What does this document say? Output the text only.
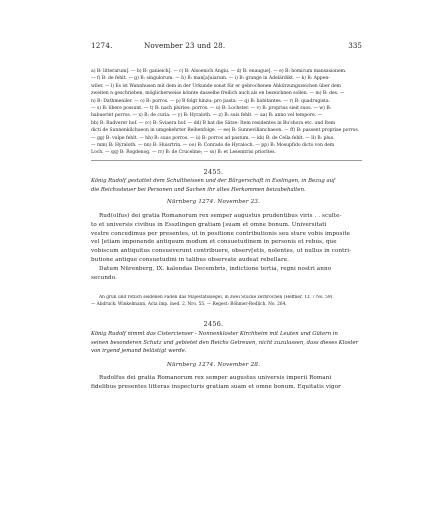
1274.	November 23 und 28.	335
a) B: litterarum]. — b) B: ganieich]. — c) B: Alsoenich Angiu. — d) B: enaugue]. — e) B: homicum mansasionem.
— f) B: de fehlt. — g) B: singulorum. — h) B: man[a]uiarum. — i) B: grange in Adelärdikt. — k) B: Appen-
wiler. — l) Es ist Wannhusen mit dem in der Urkunde sonst für er gebrochenen Abkürzungszeichen über dem
zweiten n geschrieben, möglicherweise könnte dasselbe freilich auch als en bezeichnen sollen. — m) B: des. —
n) B: Dathmeniler. — o) B: porros. — p) B folgt hinzu: pro pasta. — q) B: habitantes. — r) B: quadrugista.
— s) B: libere possunt. — t) B: nach pluries: porros. — u) B: Lochster. — v) B: proprius sieit suos. — w) B:
habuerint porros. — x) B: de curia. — y) B: Hyraloth. — z) B: suis fehlt. — aa) B: anno vel tempore. —
bb) B: Radverer hof. — cc) B: Sviaera hof. — dd) B hat die Sätze: Item residentes in Bu'shora etc. und Item
dicti de Sunnenkilchaeon in umgekehrter Reihenfolge. — ee) B: Sunnevillanchaeon. — ff) B: passent propriae porros.
— gg) B: vulpe fehlt. — hh) B: suus porros. — ii) B: porros ad pastum. — kk) B: de Cella fehlt. — ll) B: plus.
— mm) B: Hyraloth. — nn) B: Huisrtrin. — oo) B: Conrado de Hyraloch. — pp) B: Mosupfido dicto von dem
Loch. — qq) B: Rogdenog. — rr) B: de Cruceline; — ss) B: et Lesemtrisi priorites.
2455.
König Rudolf gestattet dem Schultheissen und der Bürgerschaft in Esslingen, in Bezug auf
die Reichssteuer bei Personen und Sachen ihr altes Herkommen beizubehalten.
Nürnberg 1274. November 23.
Rud(olfus) dei gratia Romanorum rex semper augustus prudentibus viris . . sculte-
to et universis civibus in Esszlingen gratiam [suam et omne bonum. Universitati
vestre concedimus per presentes, ut in positione contributionis seu sture vobis imposite
vel [etiam imponende antiquum modum et consuetudinem in personis et rebus, que
vobiscum antiquitus consueverunt contribuere, observ[etis, nolentes, ut nullus in contri-
butione antique consuetudini in talibus observate audeat rebellare.
Datum Nürenberg, IX. kalendas Decembris, indictione tertia, regni nostri anno
secundo.
An grün und rötlich seidenen Fäden das Majestätssiegel, in zwei Stücke zerbrochen (Heffner, T.f. 7 No. 59).
— Abdruck: Winkelmann, Acta imp. ined. 2, Nro. 55. — Regest: Böhmer-Redlich, No. 264.
2456.
König Rudolf nimmt das Cistercienser - Nonnenkloster Kirchheim mit Leuten und Gütern in
seinen besonderen Schutz und gebietet den Reichs Getreuen, nicht zuzulassen, dass dieses Kloster
von irgend jemand belästigt werde.
Nürnberg 1274. November 28.
Rudolfus dei gratia Romanorum rex semper augustus universis imperii Romani
fidelibus presentes litteras inspecturis gratiam suam et omne bonum. Equitatis vigor
